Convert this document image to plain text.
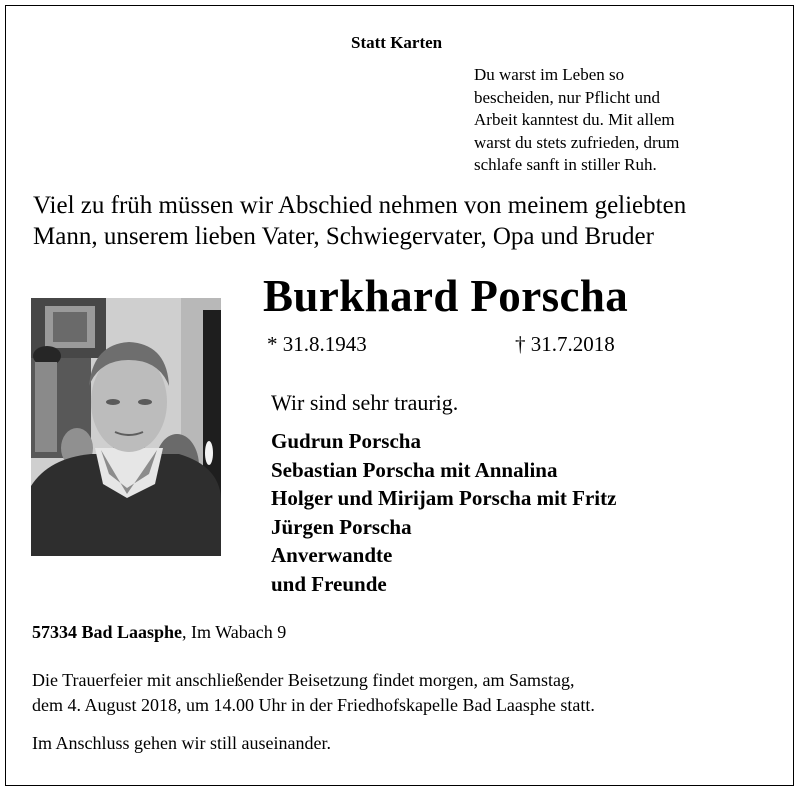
Statt Karten
Du warst im Leben so
bescheiden, nur Pflicht und
Arbeit kanntest du. Mit allem
warst du stets zufrieden, drum
schlafe sanft in stiller Ruh.
Viel zu früh müssen wir Abschied nehmen von meinem geliebten
Mann, unserem lieben Vater, Schwiegervater, Opa und Bruder
Burkhard Porscha
* 31.8.1943	† 31.7.2018
Wir sind sehr traurig.
Gudrun Porscha
Sebastian Porscha mit Annalina
Holger und Mirijam Porscha mit Fritz
Jürgen Porscha
Anverwandte
und Freunde
57334 Bad Laasphe, Im Wabach 9
Die Trauerfeier mit anschließender Beisetzung findet morgen, am Samstag,
dem 4. August 2018, um 14.00 Uhr in der Friedhofskapelle Bad Laasphe statt.
Im Anschluss gehen wir still auseinander.
